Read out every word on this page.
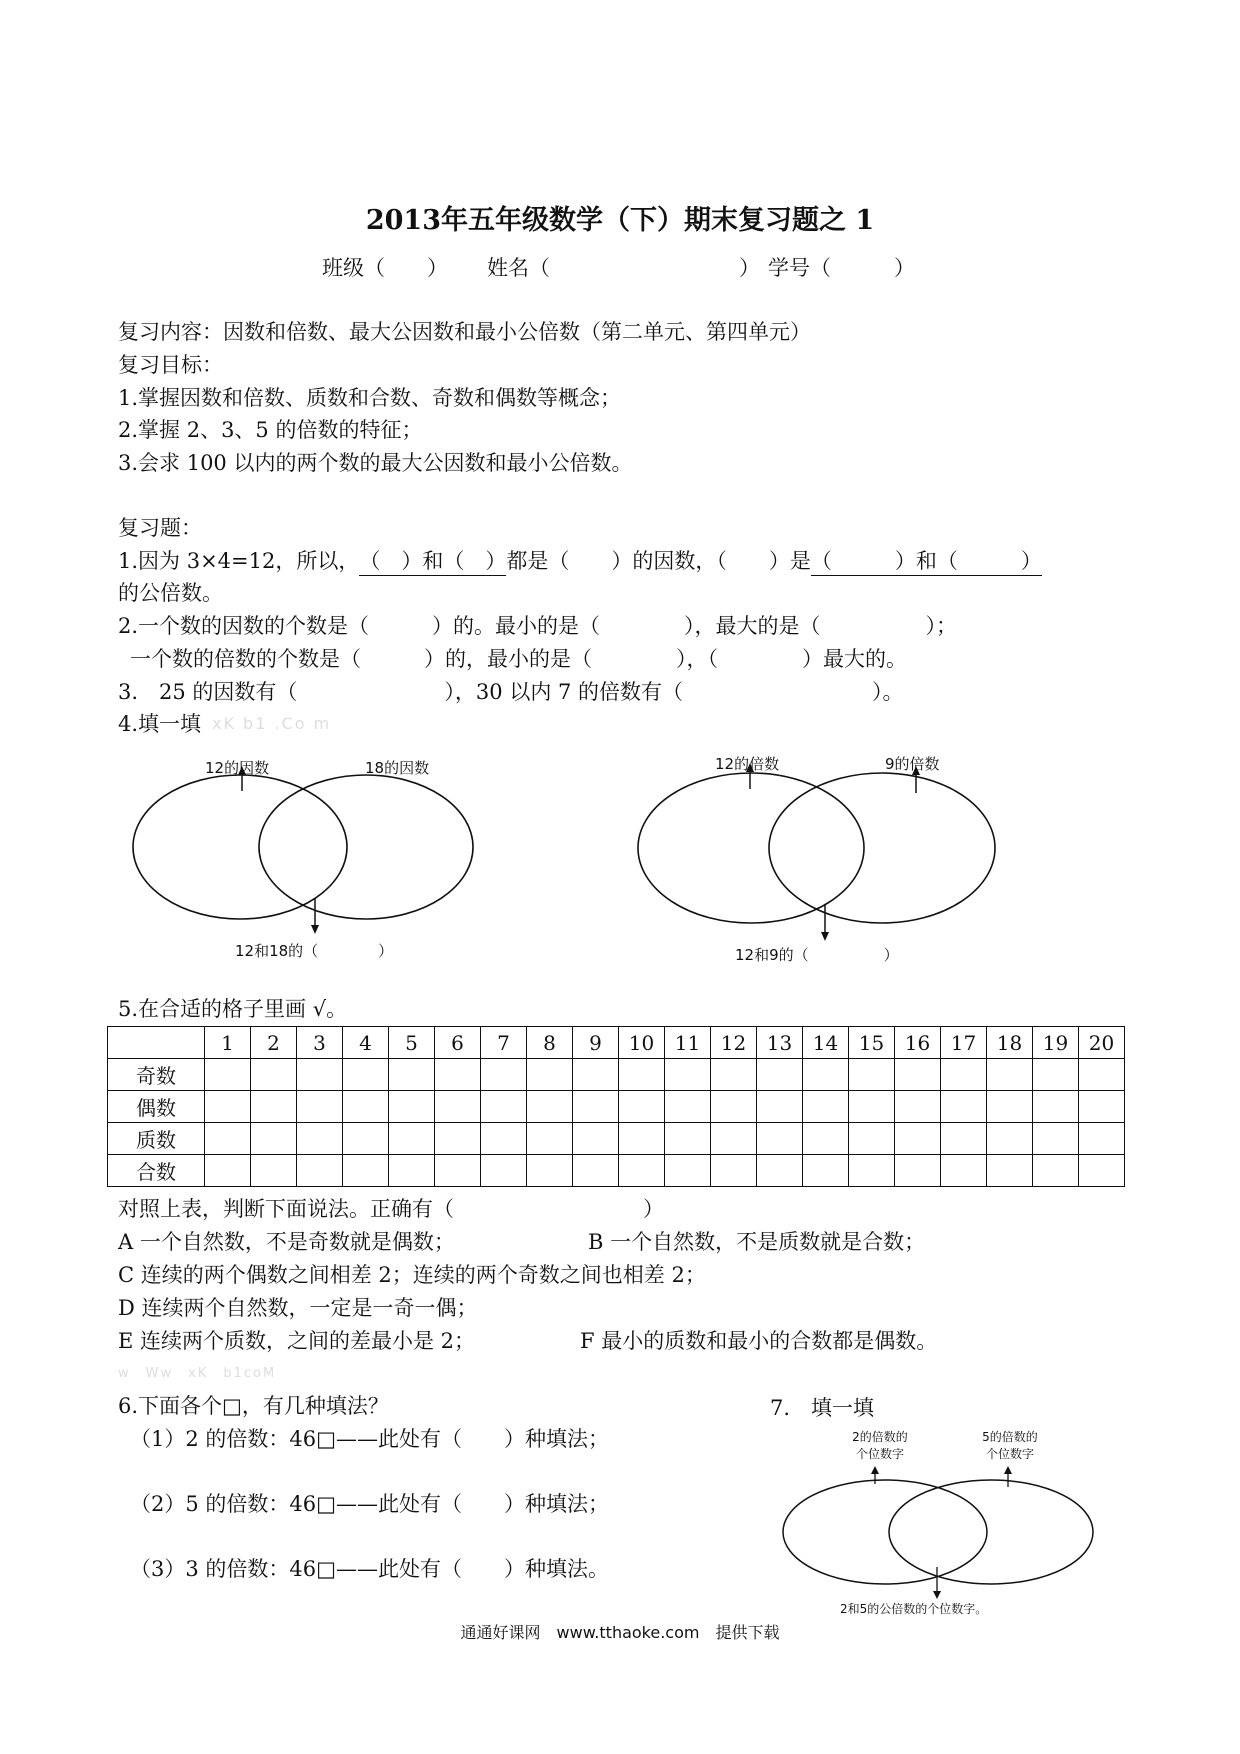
2013年五年级数学（下）期末复习题之 1
班级（　　） 姓名（　　　　　　　　　） 学号（　　　）
复习内容：因数和倍数、最大公因数和最小公倍数（第二单元、第四单元）
复习目标：
1.掌握因数和倍数、质数和合数、奇数和偶数等概念；
2.掌握 2、3、5 的倍数的特征；
3.会求 100 以内的两个数的最大公因数和最小公倍数。
复习题：
1.因为 3×4=12，所以，（　）和（　）都是（　　）的因数，（　　）是（　　　）和（　　　）
的公倍数。
2.一个数的因数的个数是（　　　）的。最小的是（　　　　），最大的是（　　　　　）；
一个数的倍数的个数是（　　　）的，最小的是（　　　　），（　　　　）最大的。
3.　25 的因数有（　　　　　　　），30 以内 7 的倍数有（　　　　　　　　　）。
4.填一填 xK b1 .Co m
12的因数	18的因数
12和18的（　　　　）
12的倍数	9的倍数
12和9的（　　　　　）
5.在合适的格子里画 √。
	1	2	3	4	5	6	7	8	9	10	11	12	13	14	15	16	17	18	19	20
奇数																				
偶数																				
质数																				
合数																				
对照上表，判断下面说法。正确有（　　　　　　　　　）
A 一个自然数，不是奇数就是偶数；	B 一个自然数，不是质数就是合数；
C 连续的两个偶数之间相差 2；连续的两个奇数之间也相差 2；
D 连续两个自然数，一定是一奇一偶；
E 连续两个质数，之间的差最小是 2；	F 最小的质数和最小的合数都是偶数。
w　Ww　xK　b1coM
6.下面各个□，有几种填法？
（1）2 的倍数：46□——此处有（　　）种填法；
（2）5 的倍数：46□——此处有（　　）种填法；
（3）3 的倍数：46□——此处有（　　）种填法。
7.　填一填
2的倍数的
个位数字
5的倍数的
个位数字
2和5的公倍数的个位数字。
通通好课网　www.tthaoke.com　提供下载
